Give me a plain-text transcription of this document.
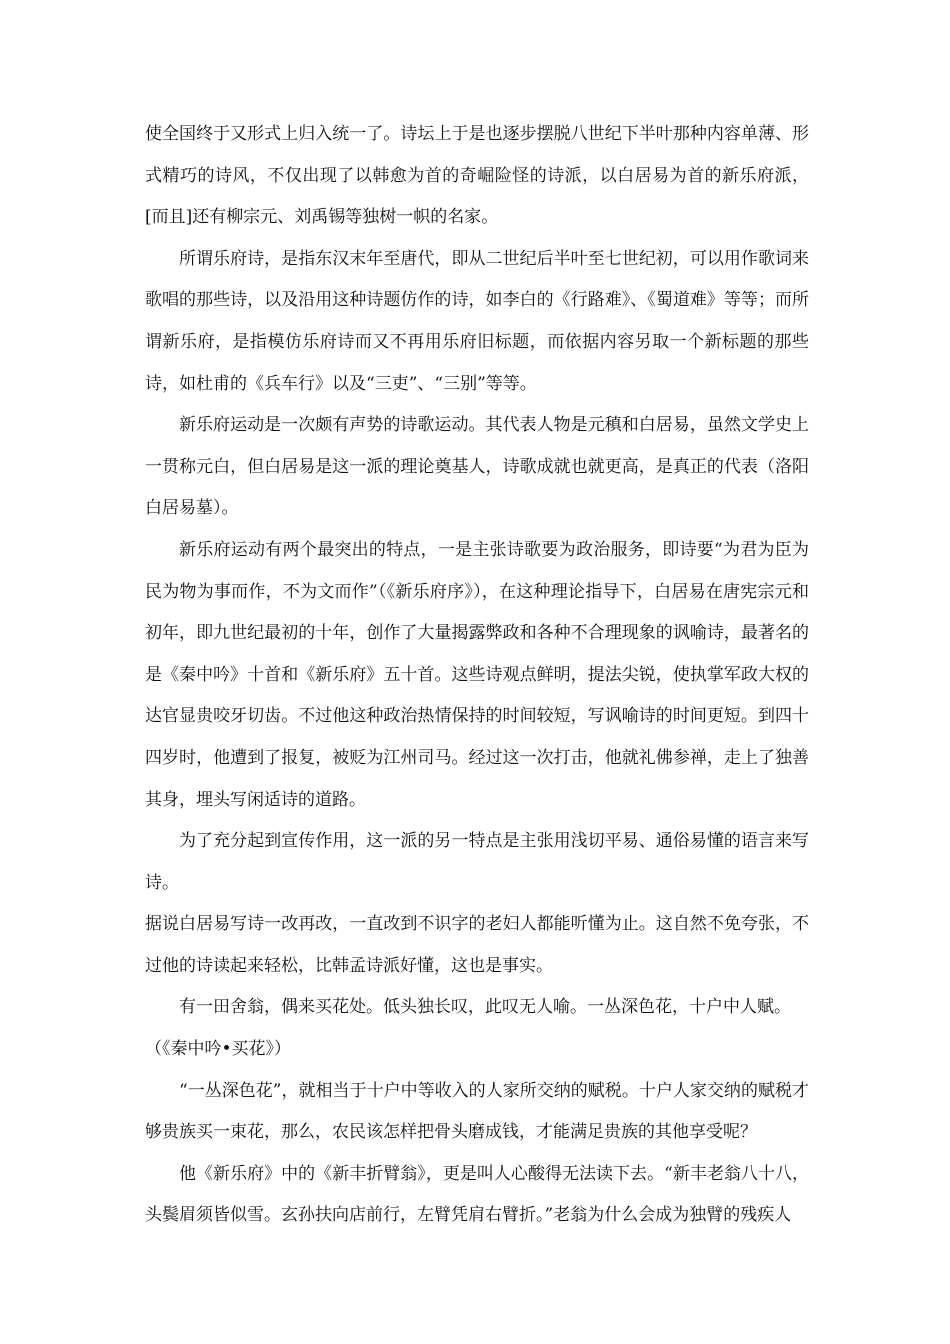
使全国终于又形式上归入统一了。诗坛上于是也逐步摆脱八世纪下半叶那种内容单薄、形式精巧的诗风，不仅出现了以韩愈为首的奇崛险怪的诗派，以白居易为首的新乐府派，[而且]还有柳宗元、刘禹锡等独树一帜的名家。

所谓乐府诗，是指东汉末年至唐代，即从二世纪后半叶至七世纪初，可以用作歌词来歌唱的那些诗，以及沿用这种诗题仿作的诗，如李白的《行路难》、《蜀道难》等等；而所谓新乐府，是指模仿乐府诗而又不再用乐府旧标题，而依据内容另取一个新标题的那些诗，如杜甫的《兵车行》以及“三吏”、“三别”等等。

新乐府运动是一次颇有声势的诗歌运动。其代表人物是元稹和白居易，虽然文学史上一贯称元白，但白居易是这一派的理论奠基人，诗歌成就也就更高，是真正的代表（洛阳白居易墓）。

新乐府运动有两个最突出的特点，一是主张诗歌要为政治服务，即诗要“为君为臣为民为物为事而作，不为文而作”（《新乐府序》），在这种理论指导下，白居易在唐宪宗元和初年，即九世纪最初的十年，创作了大量揭露弊政和各种不合理现象的讽喻诗，最著名的是《秦中吟》十首和《新乐府》五十首。这些诗观点鲜明，提法尖锐，使执掌军政大权的达官显贵咬牙切齿。不过他这种政治热情保持的时间较短，写讽喻诗的时间更短。到四十四岁时，他遭到了报复，被贬为江州司马。经过这一次打击，他就礼佛参禅，走上了独善其身，埋头写闲适诗的道路。

为了充分起到宣传作用，这一派的另一特点是主张用浅切平易、通俗易懂的语言来写诗。

据说白居易写诗一改再改，一直改到不识字的老妇人都能听懂为止。这自然不免夸张，不过他的诗读起来轻松，比韩孟诗派好懂，这也是事实。

有一田舍翁，偶来买花处。低头独长叹，此叹无人喻。一丛深色花，十户中人赋。

（《秦中吟•买花》）

“一丛深色花”，就相当于十户中等收入的人家所交纳的赋税。十户人家交纳的赋税才够贵族买一束花，那么，农民该怎样把骨头磨成钱，才能满足贵族的其他享受呢？

他《新乐府》中的《新丰折臂翁》，更是叫人心酸得无法读下去。“新丰老翁八十八，头鬓眉须皆似雪。玄孙扶向店前行，左臂凭肩右臂折。”老翁为什么会成为独臂的残疾人
